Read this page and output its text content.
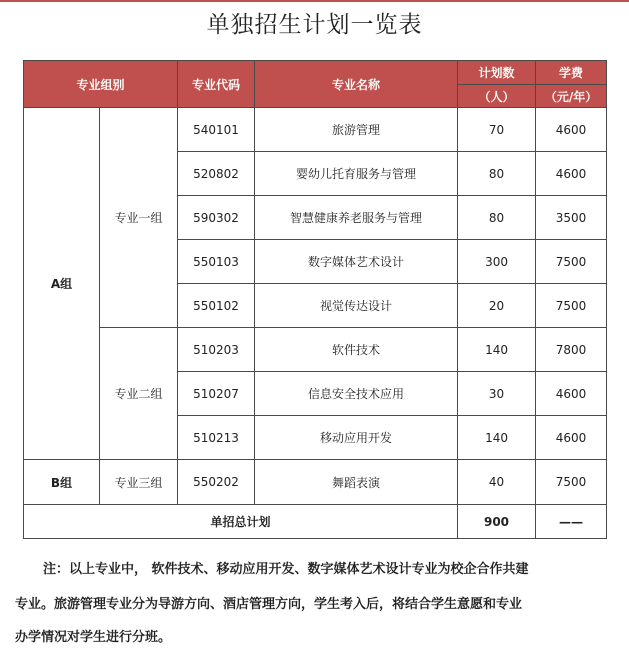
单独招生计划一览表
专业组别		专业代码	专业名称	计划数	学费
				（人）	（元/年）
A组	专业一组	540101	旅游管理	70	4600
		520802	婴幼儿托育服务与管理	80	4600
		590302	智慧健康养老服务与管理	80	3500
		550103	数字媒体艺术设计	300	7500
		550102	视觉传达设计	20	7500
	专业二组	510203	软件技术	140	7800
		510207	信息安全技术应用	30	4600
		510213	移动应用开发	140	4600
B组	专业三组	550202	舞蹈表演	40	7500
单招总计划				900	——
注：以上专业中， 软件技术、移动应用开发、数字媒体艺术设计专业为校企合作共建
专业。旅游管理专业分为导游方向、酒店管理方向，学生考入后，将结合学生意愿和专业
办学情况对学生进行分班。
